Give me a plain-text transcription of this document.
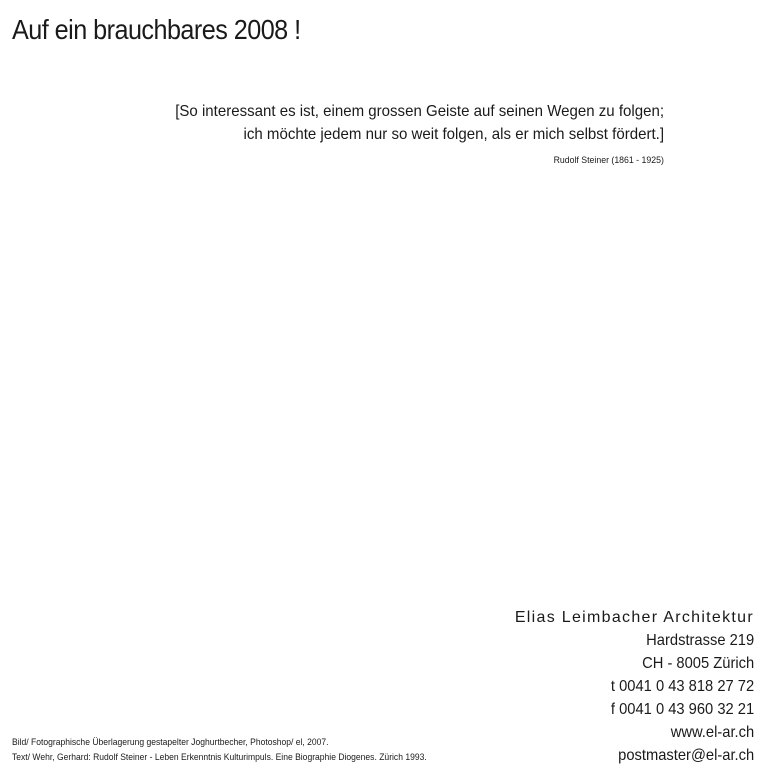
Auf ein brauchbares 2008 !
[So interessant es ist, einem grossen Geiste auf seinen Wegen zu folgen;
ich möchte jedem nur so weit folgen, als er mich selbst fördert.]
Rudolf Steiner (1861 - 1925)
Elias Leimbacher Architektur
Hardstrasse 219
CH - 8005 Zürich
t 0041 0 43 818 27 72
f 0041 0 43 960 32 21
www.el-ar.ch
postmaster@el-ar.ch
Bild/ Fotographische Überlagerung gestapelter Joghurtbecher, Photoshop/ el, 2007.
Text/ Wehr, Gerhard: Rudolf Steiner - Leben Erkenntnis Kulturimpuls. Eine Biographie Diogenes. Zürich 1993.
